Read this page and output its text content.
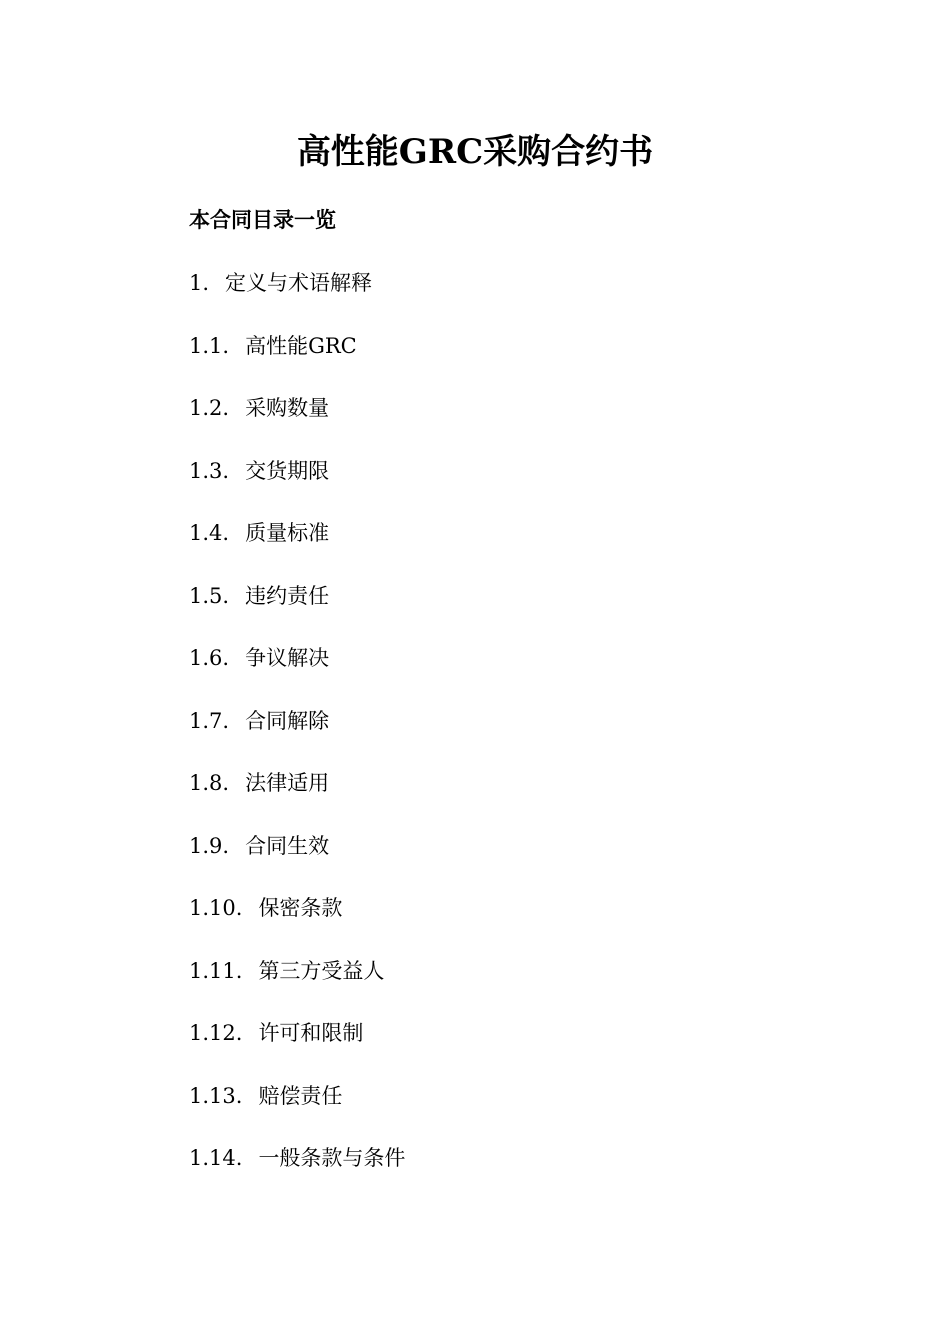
高性能GRC采购合约书
本合同目录一览
1. 定义与术语解释
1.1. 高性能GRC
1.2. 采购数量
1.3. 交货期限
1.4. 质量标准
1.5. 违约责任
1.6. 争议解决
1.7. 合同解除
1.8. 法律适用
1.9. 合同生效
1.10. 保密条款
1.11. 第三方受益人
1.12. 许可和限制
1.13. 赔偿责任
1.14. 一般条款与条件
